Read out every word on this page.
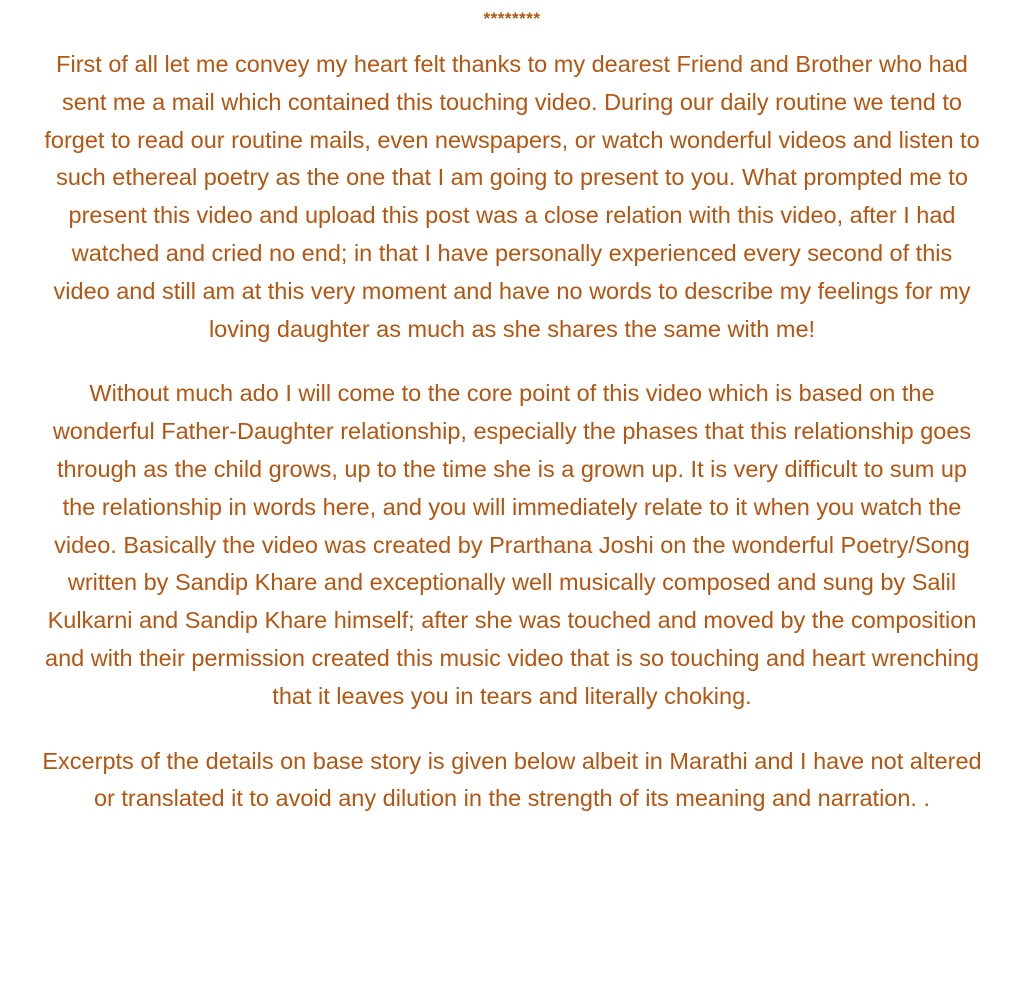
********

First of all let me convey my heart felt thanks to my dearest Friend and Brother who had sent me a mail which contained this touching video. During our daily routine we tend to forget to read our routine mails, even newspapers, or watch wonderful videos and listen to such ethereal poetry as the one that I am going to present to you. What prompted me to present this video and upload this post was a close relation with this video, after I had watched and cried no end; in that I have personally experienced every second of this video and still am at this very moment and have no words to describe my feelings for my loving daughter as much as she shares the same with me!

Without much ado I will come to the core point of this video which is based on the wonderful Father-Daughter relationship, especially the phases that this relationship goes through as the child grows, up to the time she is a grown up. It is very difficult to sum up the relationship in words here, and you will immediately relate to it when you watch the video. Basically the video was created by Prarthana Joshi on the wonderful Poetry/Song written by Sandip Khare and exceptionally well musically composed and sung by Salil Kulkarni and Sandip Khare himself; after she was touched and moved by the composition and with their permission created this music video that is so touching and heart wrenching that it leaves you in tears and literally choking.

Excerpts of the details on base story is given below albeit in Marathi and I have not altered or translated it to avoid any dilution in the strength of its meaning and narration. .
